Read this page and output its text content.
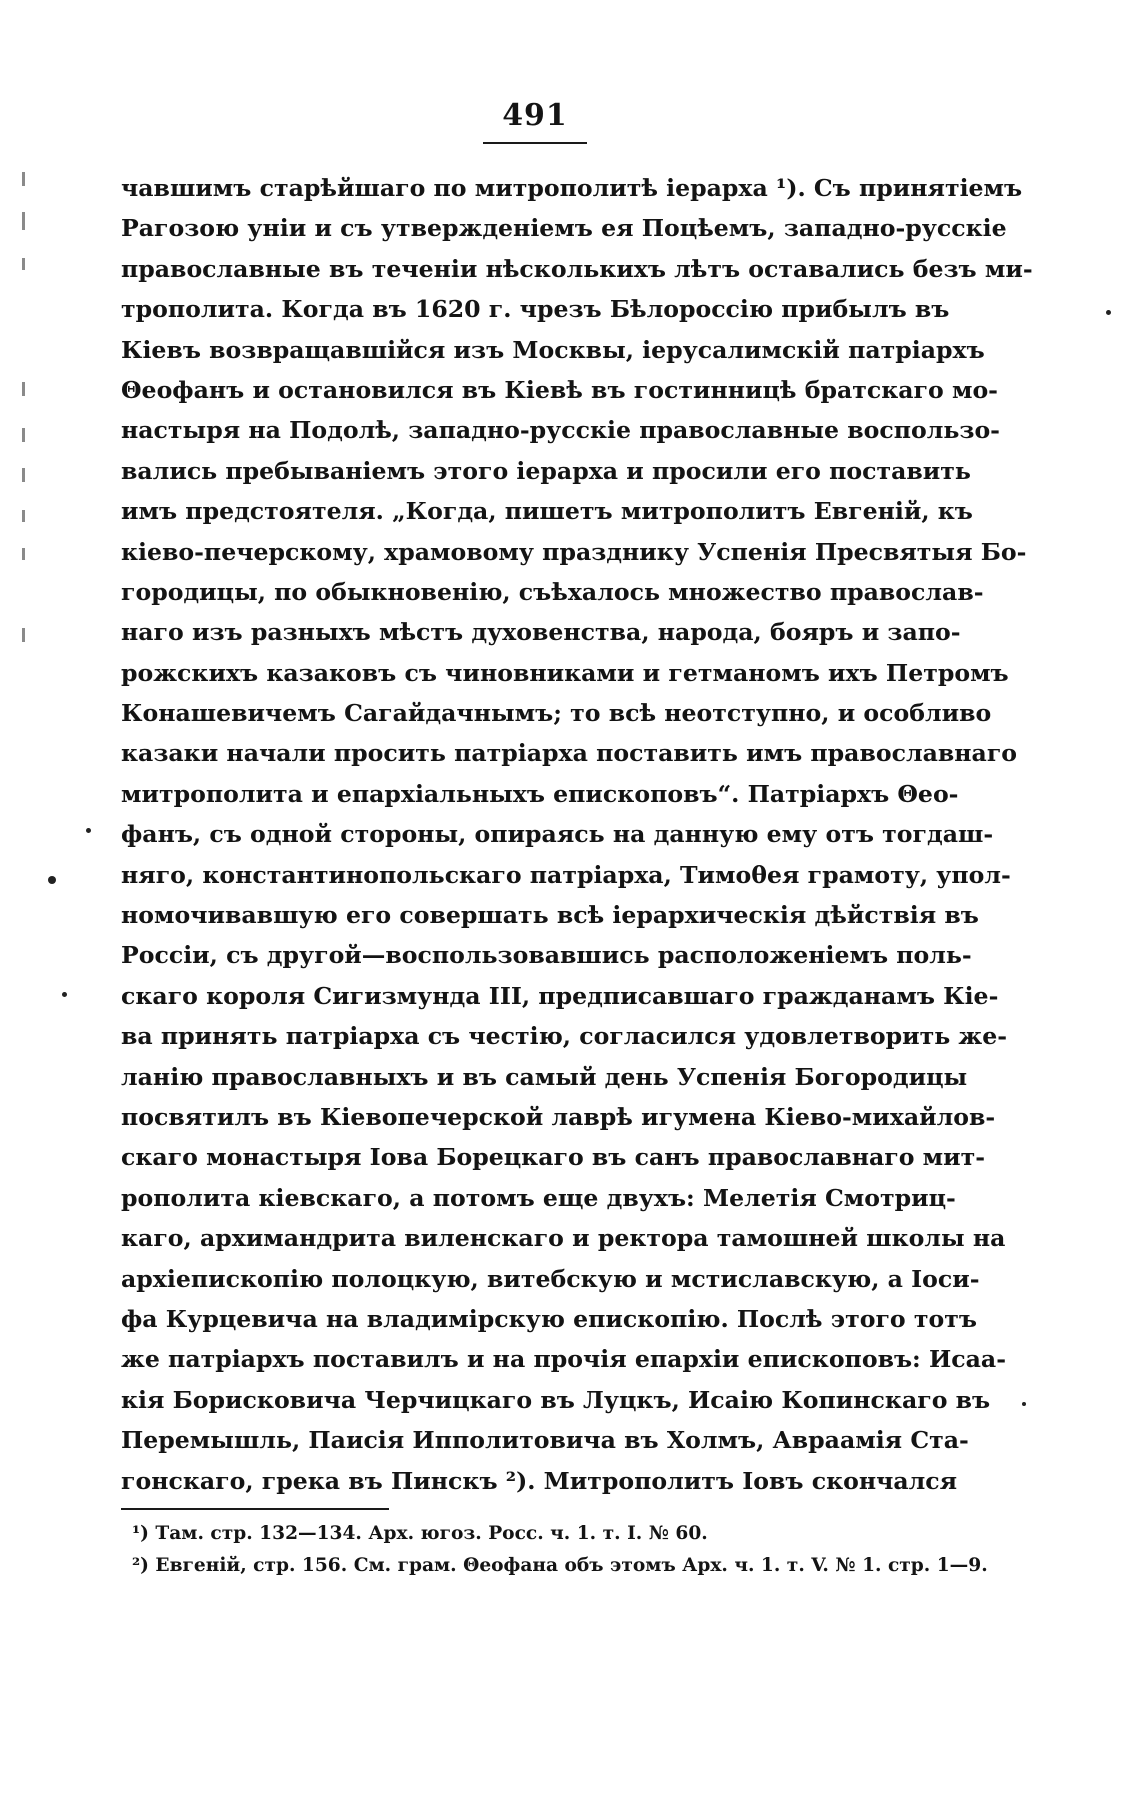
491
чавшимъ старѣйшаго по митрополитѣ iерарха ¹). Съ принятiемъ
Рагозою унiи и съ утвержденiемъ ея Поцѣемъ, западно-русскiе
православные въ теченiи нѣсколькихъ лѣтъ оставались безъ ми-
трополита. Когда въ 1620 г. чрезъ Бѣлороссiю прибылъ въ
Кiевъ возвращавшiйся изъ Москвы, iерусалимскiй патрiархъ
Θеофанъ и остановился въ Кiевѣ въ гостинницѣ братскаго мо-
настыря на Подолѣ, западно-русскiе православные воспользо-
вались пребыванiемъ этого iерарха и просили его поставить
имъ предстоятеля. „Когда, пишетъ митрополитъ Евгенiй, къ
кiево-печерскому, храмовому празднику Успенiя Пресвятыя Бо-
городицы, по обыкновенiю, съѣхалось множество православ-
наго изъ разныхъ мѣстъ духовенства, народа, бояръ и запо-
рожскихъ казаковъ съ чиновниками и гетманомъ ихъ Петромъ
Конашевичемъ Сагайдачнымъ; то всѣ неотступно, и особливо
казаки начали просить патрiарха поставить имъ православнаго
митрополита и епархiальныхъ епископовъ“. Патрiархъ Θео-
фанъ, съ одной стороны, опираясь на данную ему отъ тогдаш-
няго, константинопольскаго патрiарха, Тимоθея грамоту, упол-
номочивавшую его совершать всѣ iерархическiя дѣйствiя въ
Россiи, съ другой—воспользовавшись расположенiемъ поль-
скаго короля Сигизмунда III, предписавшаго гражданамъ Кiе-
ва принять патрiарха съ честiю, согласился удовлетворить же-
ланiю православныхъ и въ самый день Успенiя Богородицы
посвятилъ въ Кiевопечерской лаврѣ игумена Кiево-михайлов-
скаго монастыря Iова Борецкаго въ санъ православнаго мит-
рополита кiевскаго, а потомъ еще двухъ: Мелетiя Смотриц-
каго, архимандрита виленскаго и ректора тамошней школы на
архiепископiю полоцкую, витебскую и мстиславскую, а Iоси-
фа Курцевича на владимiрскую епископiю. Послѣ этого тотъ
же патрiархъ поставилъ и на прочiя епархiи епископовъ: Исаа-
кiя Борисковича Черчицкаго въ Луцкъ, Исаiю Копинскаго въ
Перемышль, Паисiя Ипполитовича въ Холмъ, Авраамiя Ста-
гонскаго, грека въ Пинскъ ²). Митрополитъ Iовъ скончался
¹) Там. стр. 132—134. Арх. югоз. Росс. ч. 1. т. I. № 60.
²) Евгенiй, стр. 156. См. грам. Θеофана объ этомъ Арх. ч. 1. т. V. № 1. стр. 1—9.
